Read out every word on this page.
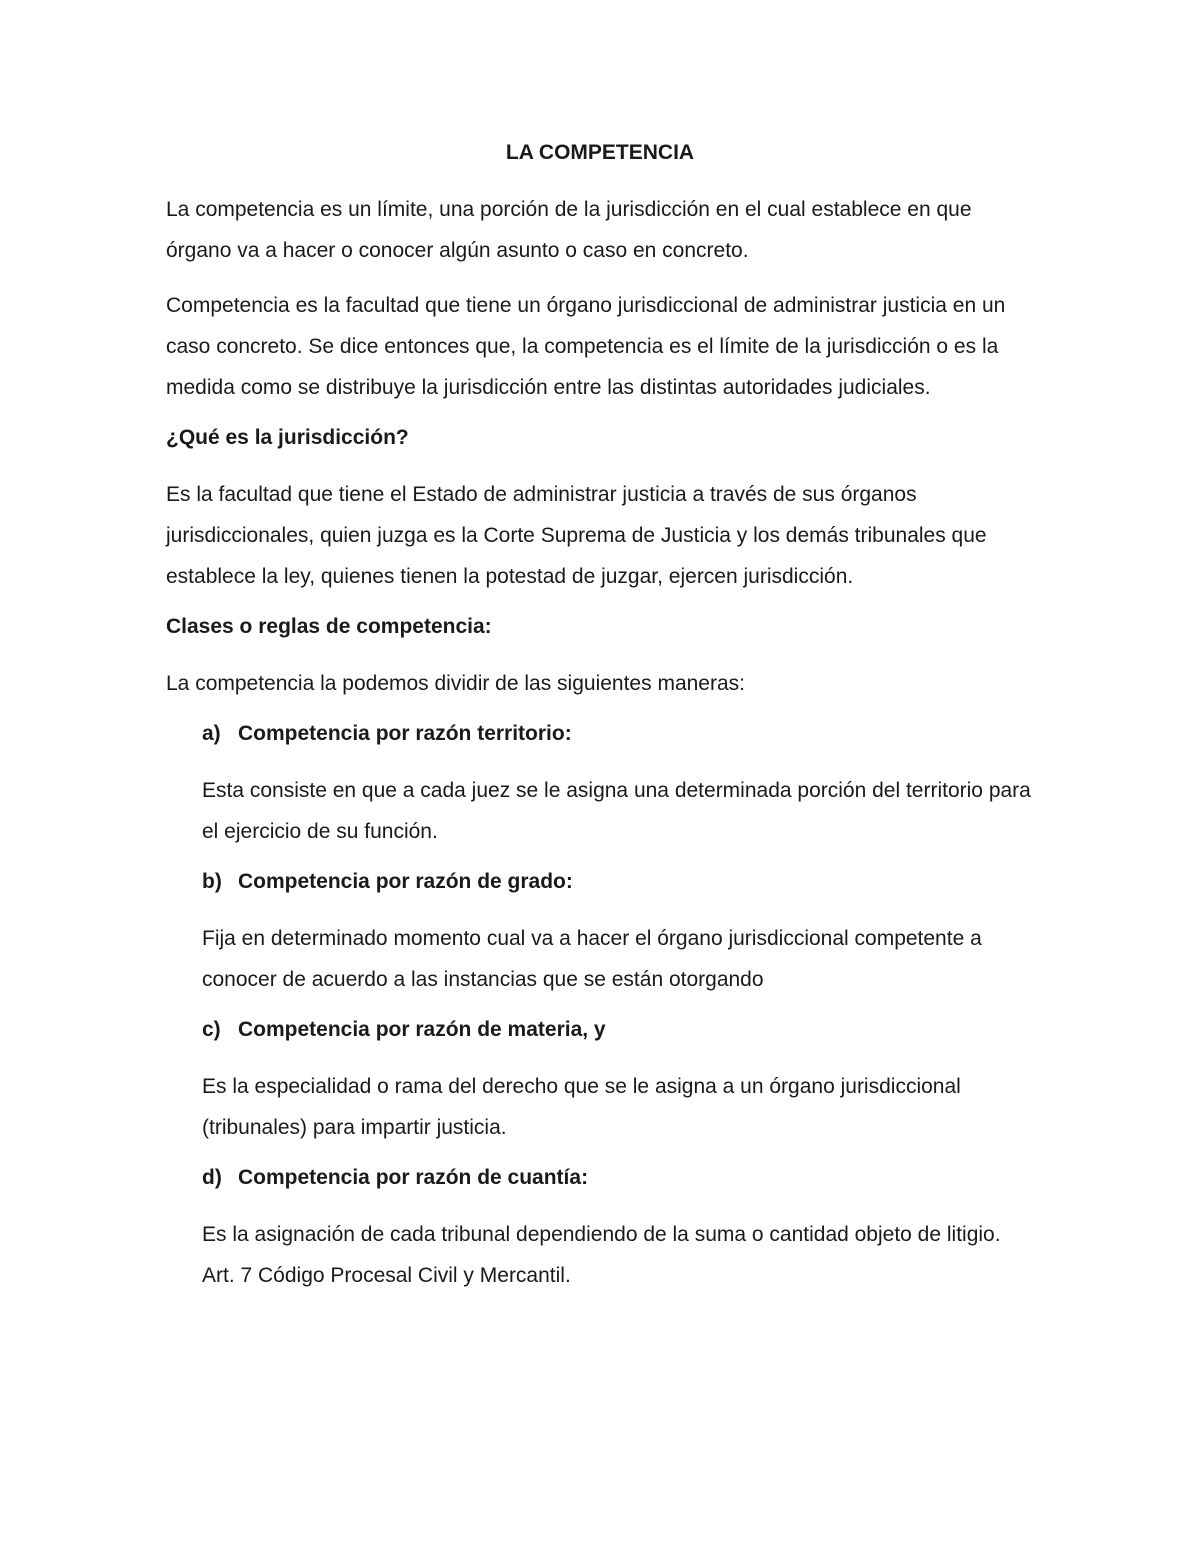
LA COMPETENCIA

La competencia es un límite, una porción de la jurisdicción en el cual establece en que órgano va a hacer o conocer algún asunto o caso en concreto.

Competencia es la facultad que tiene un órgano jurisdiccional de administrar justicia en un caso concreto. Se dice entonces que, la competencia es el límite de la jurisdicción o es la medida como se distribuye la jurisdicción entre las distintas autoridades judiciales.

¿Qué es la jurisdicción?

Es la facultad que tiene el Estado de administrar justicia a través de sus órganos jurisdiccionales, quien juzga es la Corte Suprema de Justicia y los demás tribunales que establece la ley, quienes tienen la potestad de juzgar, ejercen jurisdicción.

Clases o reglas de competencia:

La competencia la podemos dividir de las siguientes maneras:

a) Competencia por razón territorio:

Esta consiste en que a cada juez se le asigna una determinada porción del territorio para el ejercicio de su función.

b) Competencia por razón de grado:

Fija en determinado momento cual va a hacer el órgano jurisdiccional competente a conocer de acuerdo a las instancias que se están otorgando

c) Competencia por razón de materia, y

Es la especialidad o rama del derecho que se le asigna a un órgano jurisdiccional (tribunales) para impartir justicia.

d) Competencia por razón de cuantía:

Es la asignación de cada tribunal dependiendo de la suma o cantidad objeto de litigio. Art. 7 Código Procesal Civil y Mercantil.
